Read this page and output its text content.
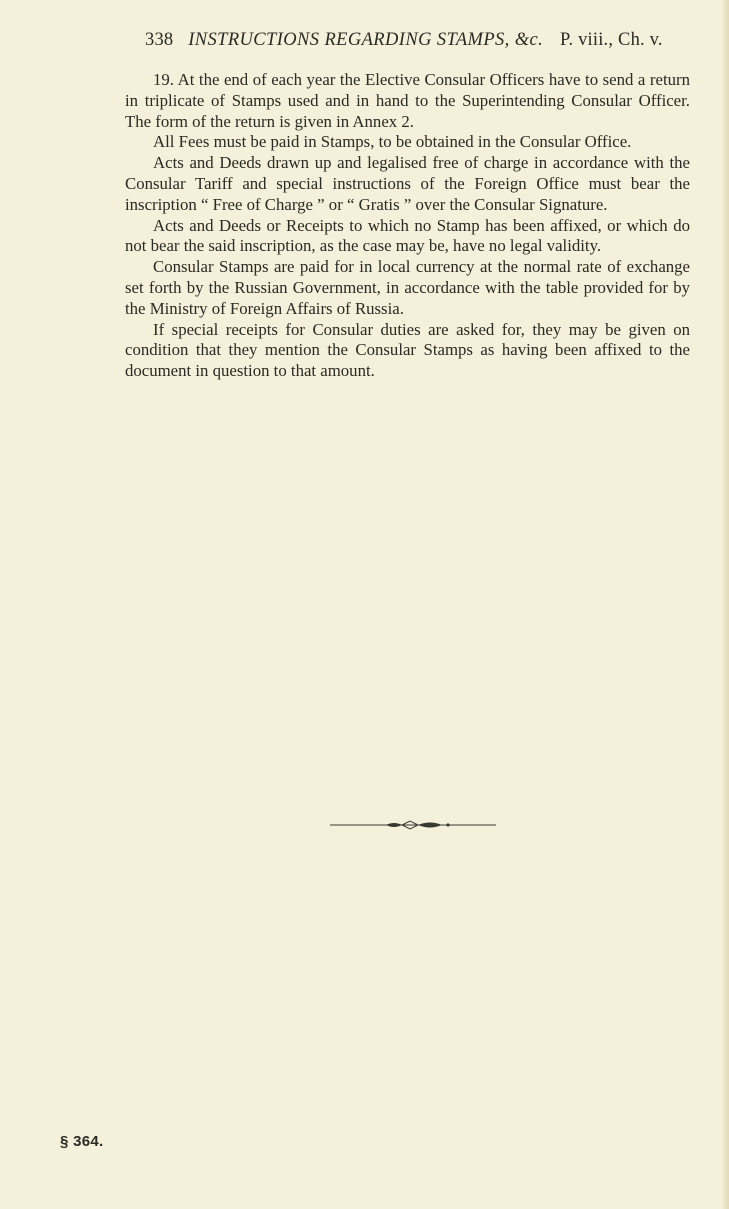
338 INSTRUCTIONS REGARDING STAMPS, &c. P. viii., Ch. v.

19. At the end of each year the Elective Consular Officers have to send a return in triplicate of Stamps used and in hand to the Superintending Consular Officer. The form of the return is given in Annex 2.

All Fees must be paid in Stamps, to be obtained in the Consular Office.

Acts and Deeds drawn up and legalised free of charge in accordance with the Consular Tariff and special instructions of the Foreign Office must bear the inscription “ Free of Charge ” or “ Gratis ” over the Consular Signature.

Acts and Deeds or Receipts to which no Stamp has been affixed, or which do not bear the said inscription, as the case may be, have no legal validity.

Consular Stamps are paid for in local currency at the normal rate of exchange set forth by the Russian Government, in accordance with the table provided for by the Ministry of Foreign Affairs of Russia.

If special receipts for Consular duties are asked for, they may be given on condition that they mention the Consular Stamps as having been affixed to the document in question to that amount.

§ 364.
